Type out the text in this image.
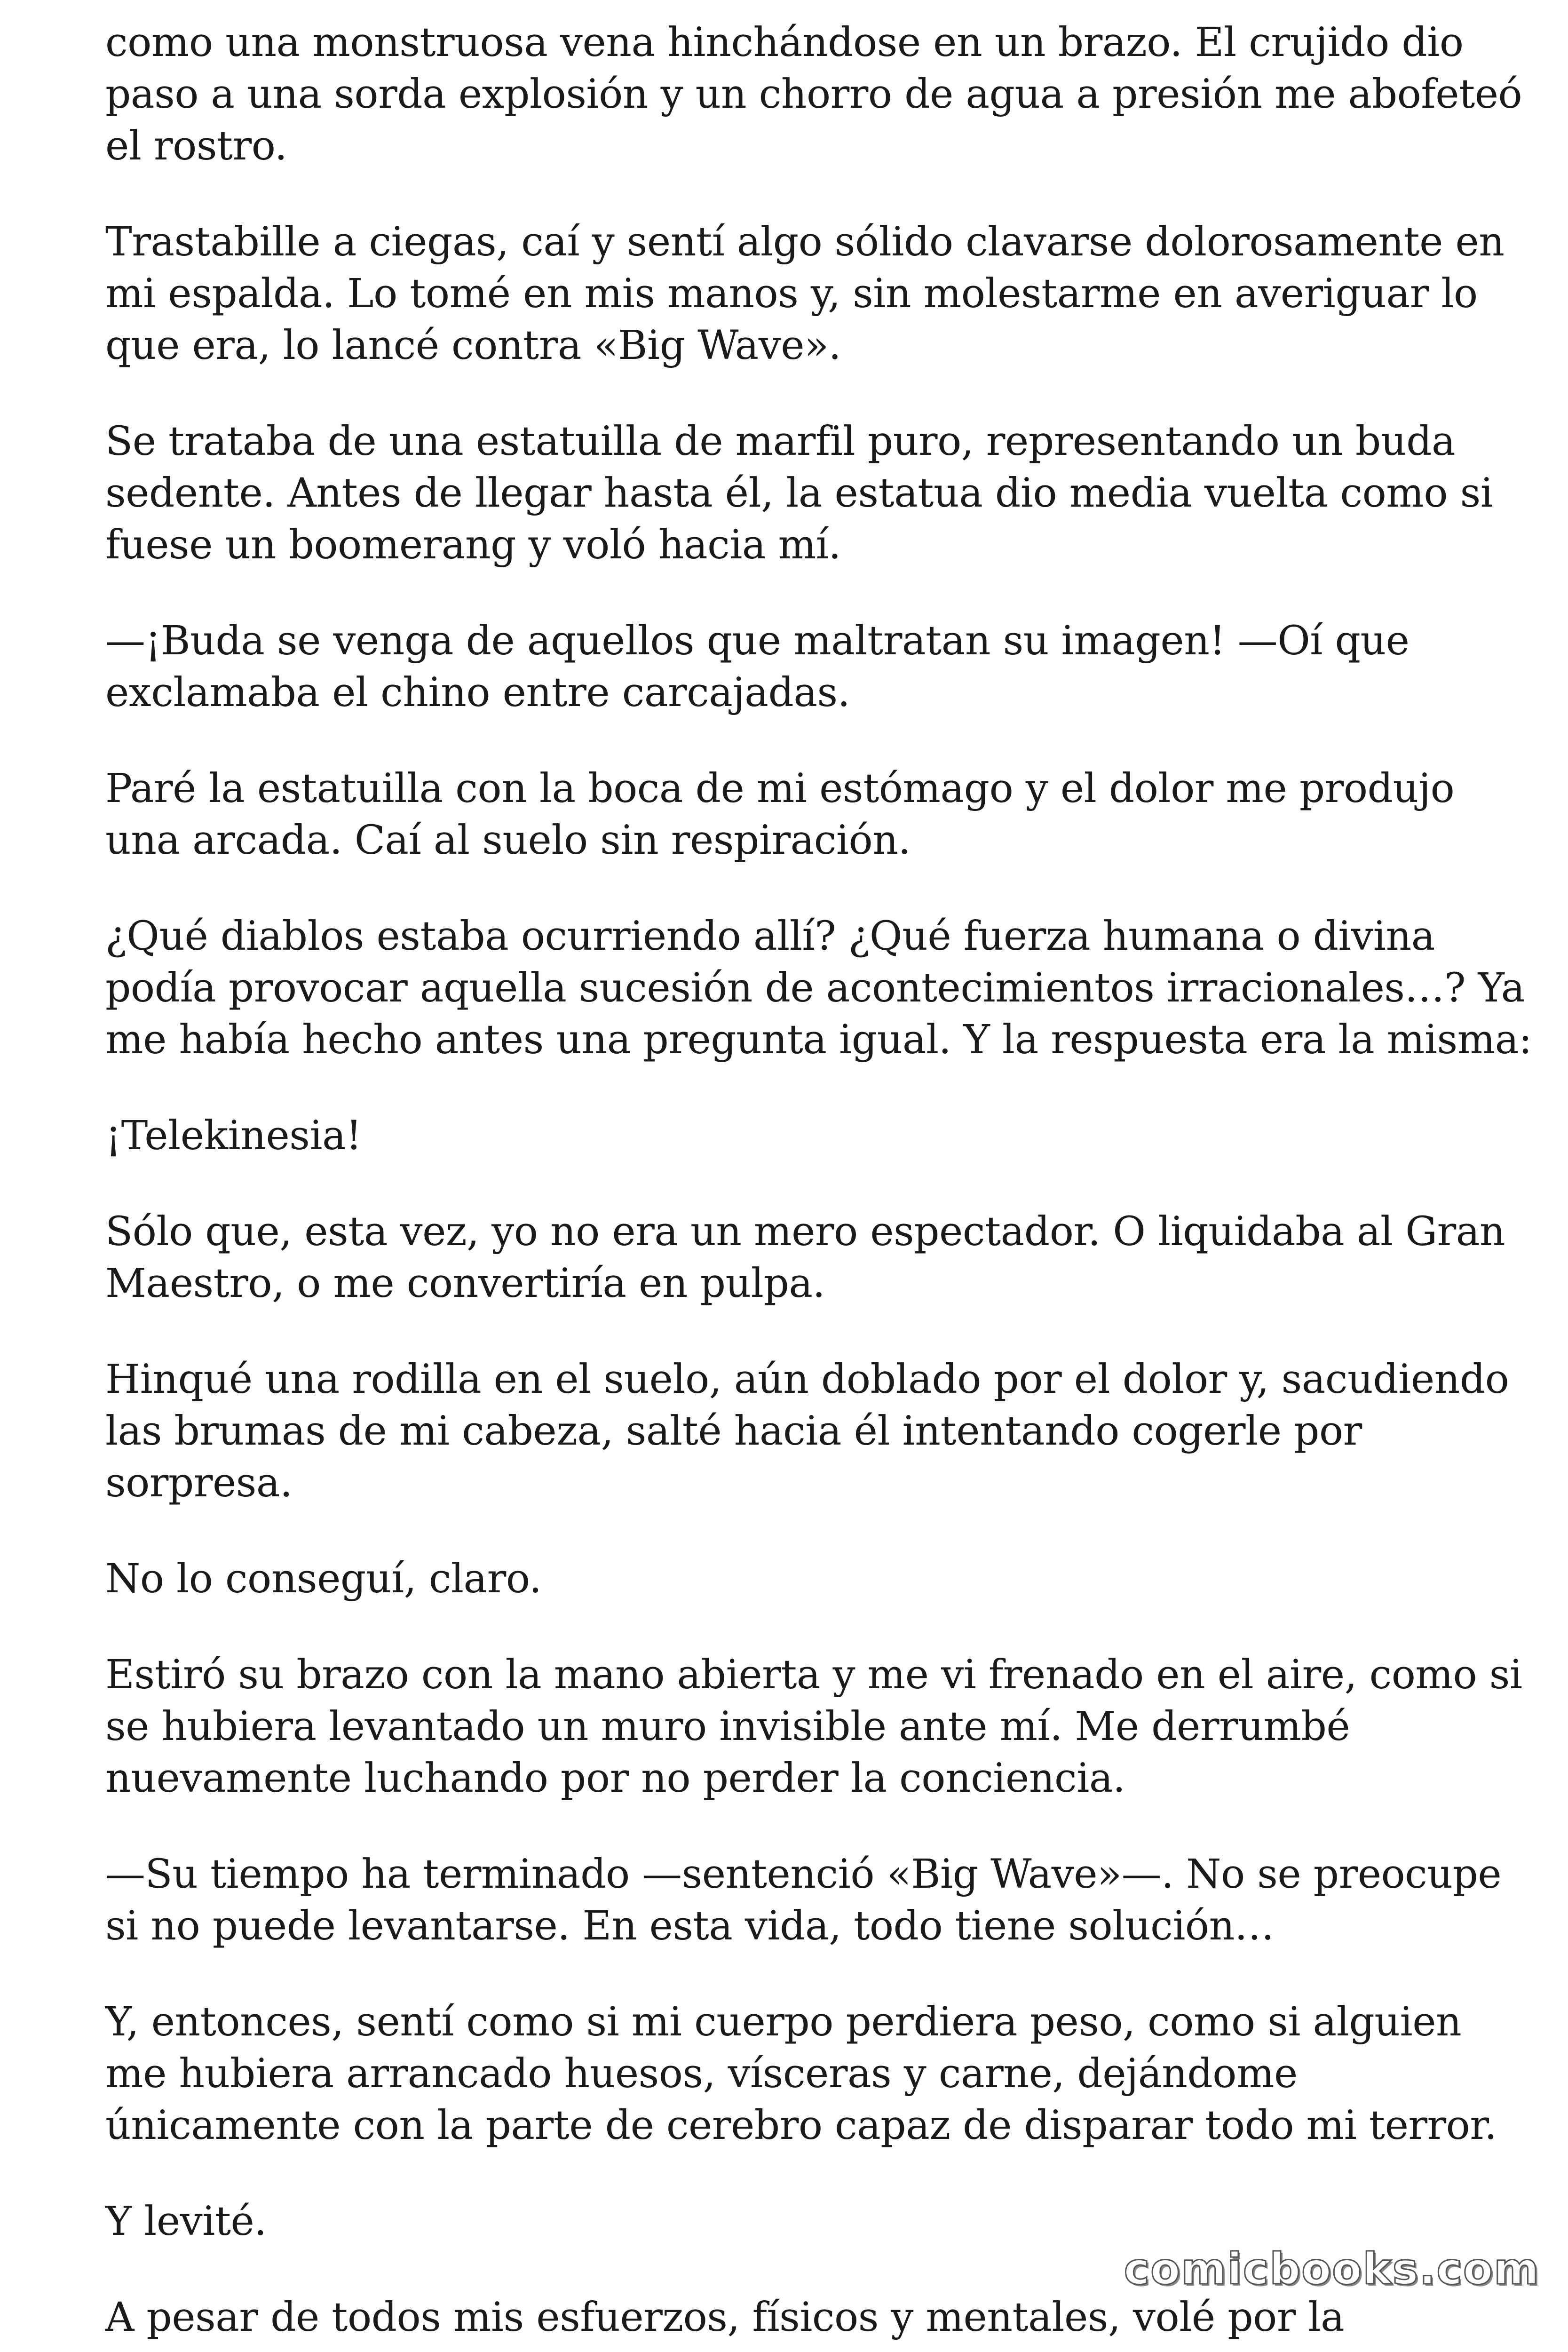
como una monstruosa vena hinchándose en un brazo. El crujido dio
paso a una sorda explosión y un chorro de agua a presión me abofeteó
el rostro.

Trastabille a ciegas, caí y sentí algo sólido clavarse dolorosamente en
mi espalda. Lo tomé en mis manos y, sin molestarme en averiguar lo
que era, lo lancé contra «Big Wave».

Se trataba de una estatuilla de marfil puro, representando un buda
sedente. Antes de llegar hasta él, la estatua dio media vuelta como si
fuese un boomerang y voló hacia mí.

—¡Buda se venga de aquellos que maltratan su imagen! —Oí que
exclamaba el chino entre carcajadas.

Paré la estatuilla con la boca de mi estómago y el dolor me produjo
una arcada. Caí al suelo sin respiración.

¿Qué diablos estaba ocurriendo allí? ¿Qué fuerza humana o divina
podía provocar aquella sucesión de acontecimientos irracionales…? Ya
me había hecho antes una pregunta igual. Y la respuesta era la misma:

¡Telekinesia!

Sólo que, esta vez, yo no era un mero espectador. O liquidaba al Gran
Maestro, o me convertiría en pulpa.

Hinqué una rodilla en el suelo, aún doblado por el dolor y, sacudiendo
las brumas de mi cabeza, salté hacia él intentando cogerle por
sorpresa.

No lo conseguí, claro.

Estiró su brazo con la mano abierta y me vi frenado en el aire, como si
se hubiera levantado un muro invisible ante mí. Me derrumbé
nuevamente luchando por no perder la conciencia.

—Su tiempo ha terminado —sentenció «Big Wave»—. No se preocupe
si no puede levantarse. En esta vida, todo tiene solución…

Y, entonces, sentí como si mi cuerpo perdiera peso, como si alguien
me hubiera arrancado huesos, vísceras y carne, dejándome
únicamente con la parte de cerebro capaz de disparar todo mi terror.

Y levité.

A pesar de todos mis esfuerzos, físicos y mentales, volé por la

comicbooks.com
